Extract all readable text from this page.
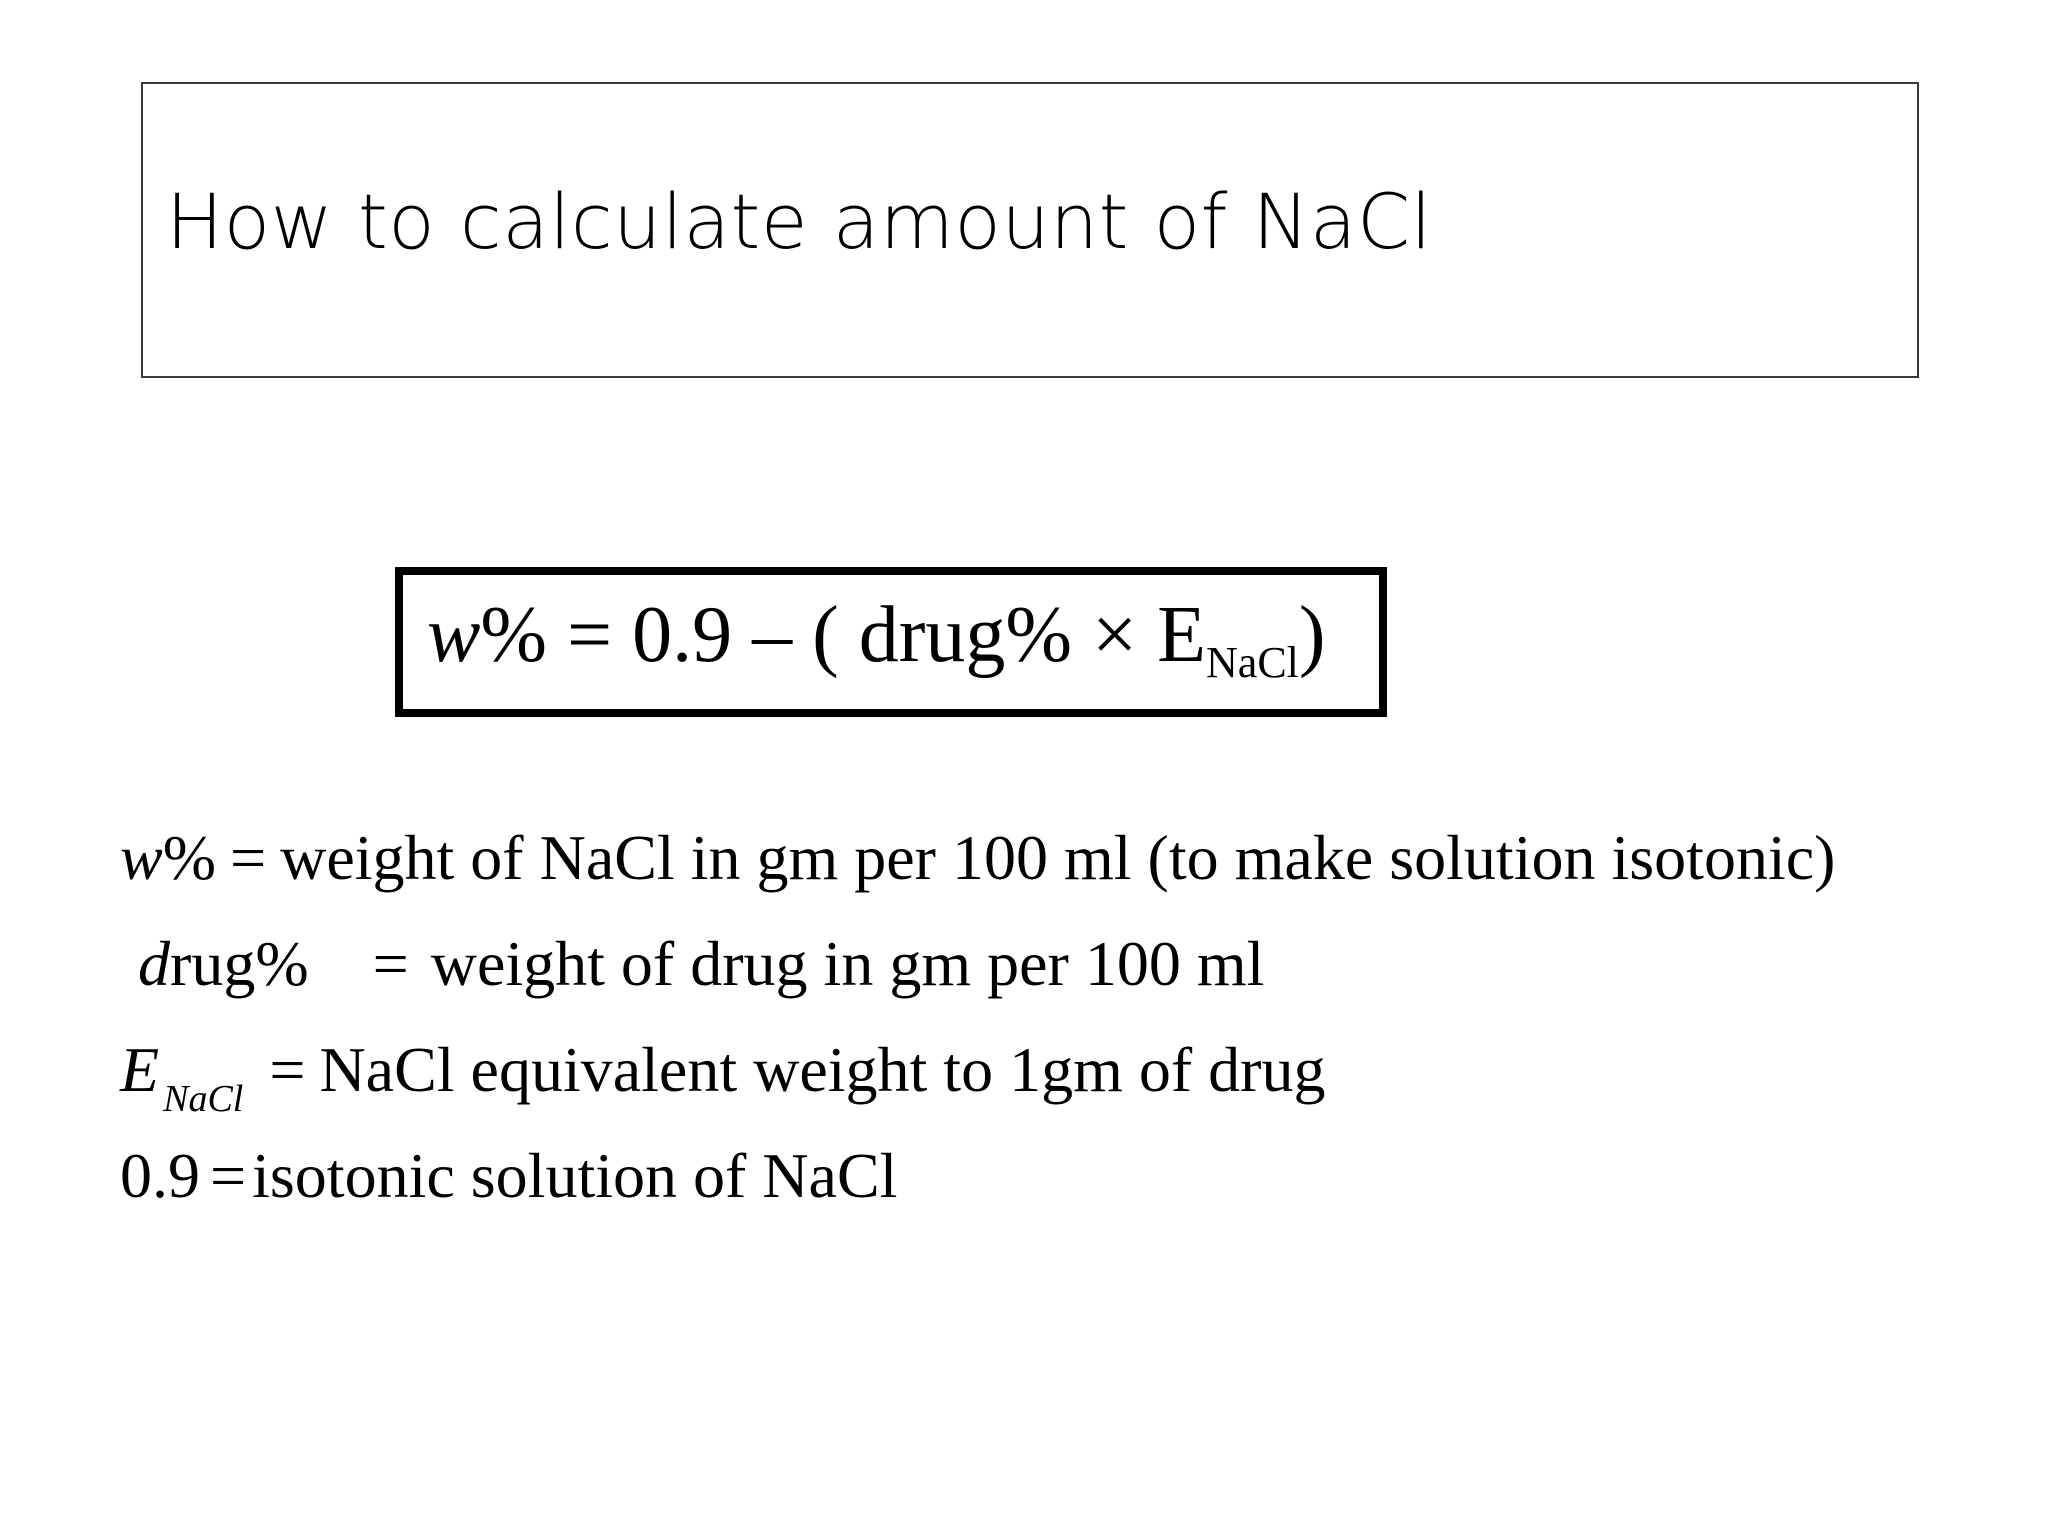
How to calculate amount of NaCl
w% = 0.9 – ( drug% × $E_{NaCl}$)
w% = weight of NaCl in gm per 100 ml (to make solution isotonic)
drug% = weight of drug in gm per 100 ml
E $_{NaCl}$ = NaCl equivalent weight to 1gm of drug
0.9 =isotonic solution of NaCl
